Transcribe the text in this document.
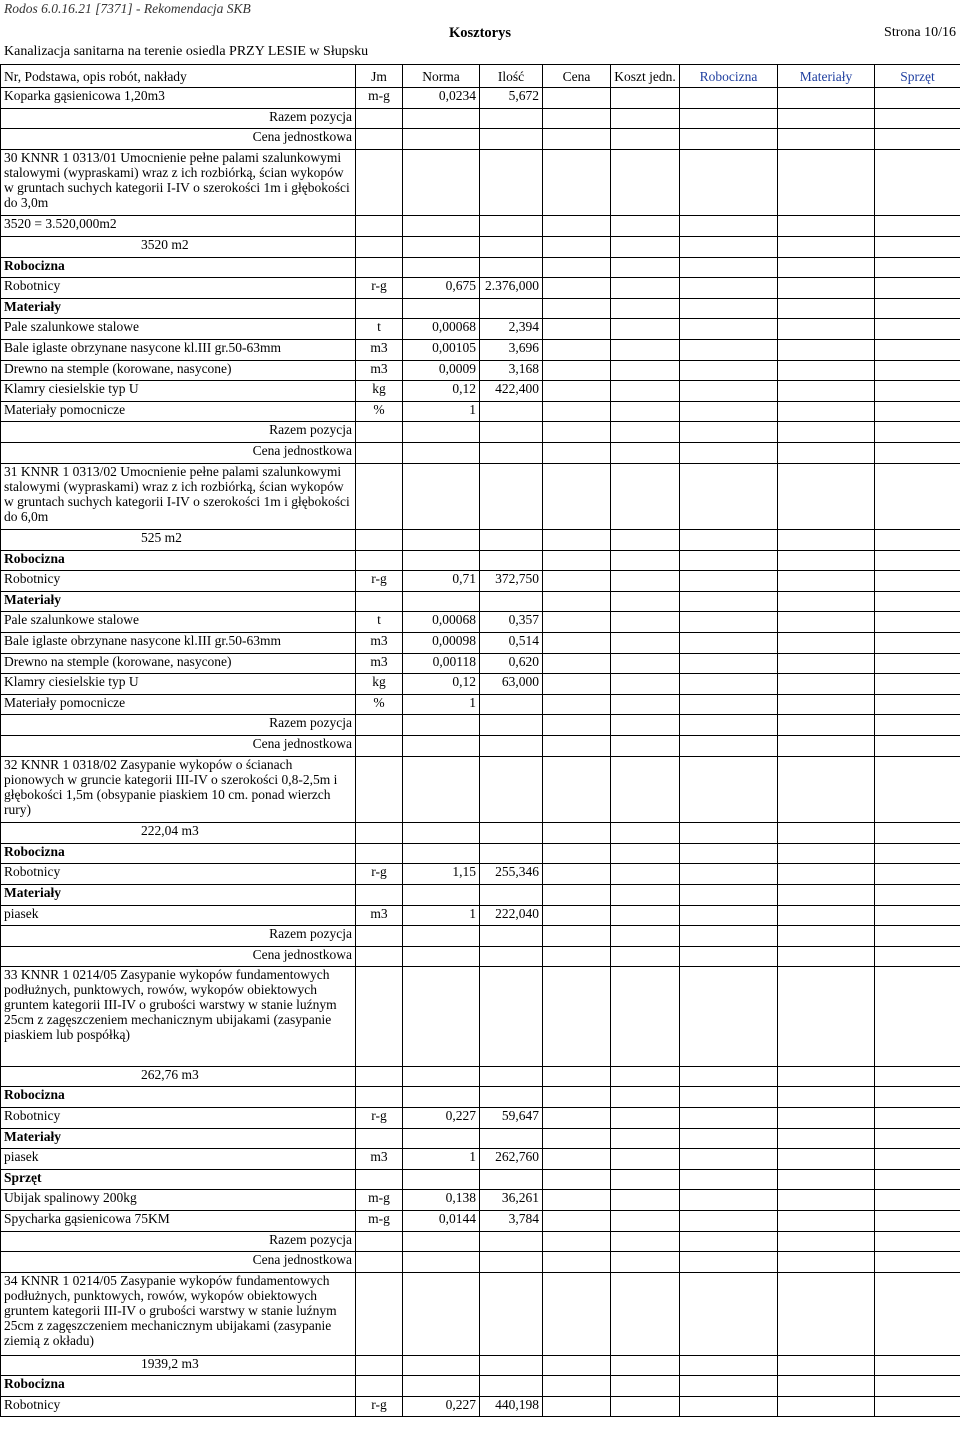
Rodos 6.0.16.21 [7371] - Rekomendacja SKB
Kosztorys	Strona 10/16
Kanalizacja sanitarna na terenie osiedla PRZY LESIE w Słupsku
Nr, Podstawa, opis robót, nakłady	Jm	Norma	Ilość	Cena	Koszt jedn.	Robocizna	Materiały	Sprzęt
Koparka gąsienicowa 1,20m3	m-g	0,0234	5,672					
Razem pozycja								
Cena jednostkowa								
30 KNNR 1 0313/01 Umocnienie pełne palami szalunkowymi stalowymi (wypraskami) wraz z ich rozbiórką, ścian wykopów w gruntach suchych kategorii I-IV o szerokości 1m i głębokości do 3,0m								
3520 = 3.520,000m2								
3520 m2								
Robocizna								
Robotnicy	r-g	0,675	2.376,000					
Materiały								
Pale szalunkowe stalowe	t	0,00068	2,394					
Bale iglaste obrzynane nasycone kl.III gr.50-63mm	m3	0,00105	3,696					
Drewno na stemple (korowane, nasycone)	m3	0,0009	3,168					
Klamry ciesielskie typ U	kg	0,12	422,400					
Materiały pomocnicze	%	1						
Razem pozycja								
Cena jednostkowa								
31 KNNR 1 0313/02 Umocnienie pełne palami szalunkowymi stalowymi (wypraskami) wraz z ich rozbiórką, ścian wykopów w gruntach suchych kategorii I-IV o szerokości 1m i głębokości do 6,0m								
525 m2								
Robocizna								
Robotnicy	r-g	0,71	372,750					
Materiały								
Pale szalunkowe stalowe	t	0,00068	0,357					
Bale iglaste obrzynane nasycone kl.III gr.50-63mm	m3	0,00098	0,514					
Drewno na stemple (korowane, nasycone)	m3	0,00118	0,620					
Klamry ciesielskie typ U	kg	0,12	63,000					
Materiały pomocnicze	%	1						
Razem pozycja								
Cena jednostkowa								
32 KNNR 1 0318/02 Zasypanie wykopów o ścianach pionowych w gruncie kategorii III-IV o szerokości 0,8-2,5m i głębokości 1,5m (obsypanie piaskiem 10 cm. ponad wierzch rury)								
222,04 m3								
Robocizna								
Robotnicy	r-g	1,15	255,346					
Materiały								
piasek	m3	1	222,040					
Razem pozycja								
Cena jednostkowa								
33 KNNR 1 0214/05 Zasypanie wykopów fundamentowych podłużnych, punktowych, rowów, wykopów obiektowych gruntem kategorii III-IV o grubości warstwy w stanie luźnym 25cm z zagęszczeniem mechanicznym ubijakami (zasypanie piaskiem lub pospółką)								
262,76 m3								
Robocizna								
Robotnicy	r-g	0,227	59,647					
Materiały								
piasek	m3	1	262,760					
Sprzęt								
Ubijak spalinowy 200kg	m-g	0,138	36,261					
Spycharka gąsienicowa 75KM	m-g	0,0144	3,784					
Razem pozycja								
Cena jednostkowa								
34 KNNR 1 0214/05 Zasypanie wykopów fundamentowych podłużnych, punktowych, rowów, wykopów obiektowych gruntem kategorii III-IV o grubości warstwy w stanie luźnym 25cm z zagęszczeniem mechanicznym ubijakami (zasypanie ziemią z okładu)								
1939,2 m3								
Robocizna								
Robotnicy	r-g	0,227	440,198					
